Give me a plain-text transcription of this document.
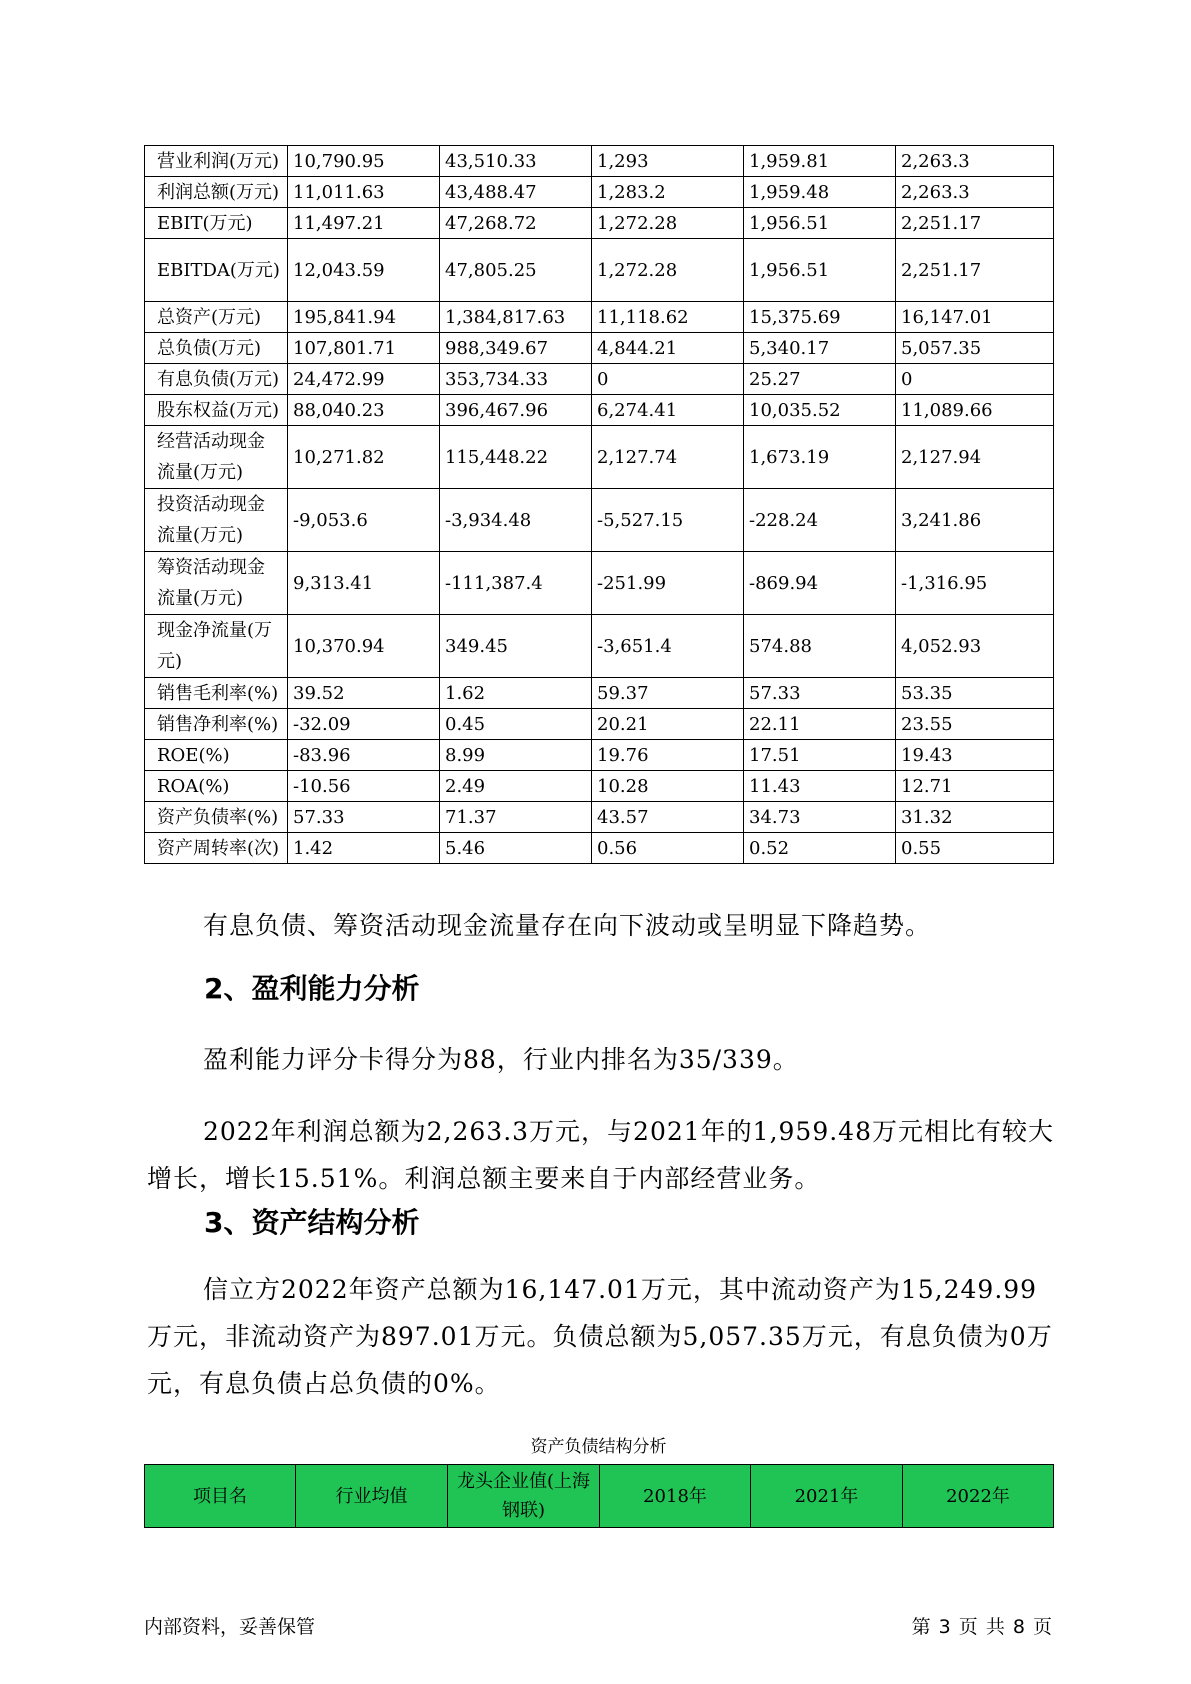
营业利润(万元)	10,790.95	43,510.33	1,293	1,959.81	2,263.3
利润总额(万元)	11,011.63	43,488.47	1,283.2	1,959.48	2,263.3
EBIT(万元)	11,497.21	47,268.72	1,272.28	1,956.51	2,251.17
EBITDA(万元)	12,043.59	47,805.25	1,272.28	1,956.51	2,251.17
总资产(万元)	195,841.94	1,384,817.63	11,118.62	15,375.69	16,147.01
总负债(万元)	107,801.71	988,349.67	4,844.21	5,340.17	5,057.35
有息负债(万元)	24,472.99	353,734.33	0	25.27	0
股东权益(万元)	88,040.23	396,467.96	6,274.41	10,035.52	11,089.66
经营活动现金流量(万元)	10,271.82	115,448.22	2,127.74	1,673.19	2,127.94
投资活动现金流量(万元)	-9,053.6	-3,934.48	-5,527.15	-228.24	3,241.86
筹资活动现金流量(万元)	9,313.41	-111,387.4	-251.99	-869.94	-1,316.95
现金净流量(万元)	10,370.94	349.45	-3,651.4	574.88	4,052.93
销售毛利率(%)	39.52	1.62	59.37	57.33	53.35
销售净利率(%)	-32.09	0.45	20.21	22.11	23.55
ROE(%)	-83.96	8.99	19.76	17.51	19.43
ROA(%)	-10.56	2.49	10.28	11.43	12.71
资产负债率(%)	57.33	71.37	43.57	34.73	31.32
资产周转率(次)	1.42	5.46	0.56	0.52	0.55

有息负债、筹资活动现金流量存在向下波动或呈明显下降趋势。

2、盈利能力分析

盈利能力评分卡得分为88，行业内排名为35/339。

2022年利润总额为2,263.3万元，与2021年的1,959.48万元相比有较大增长，增长15.51%。利润总额主要来自于内部经营业务。

3、资产结构分析

信立方2022年资产总额为16,147.01万元，其中流动资产为15,249.99万元，非流动资产为897.01万元。负债总额为5,057.35万元，有息负债为0万元，有息负债占总负债的0%。

资产负债结构分析
项目名	行业均值	龙头企业值(上海钢联)	2018年	2021年	2022年
内部资料，妥善保管	第 3 页 共 8 页
